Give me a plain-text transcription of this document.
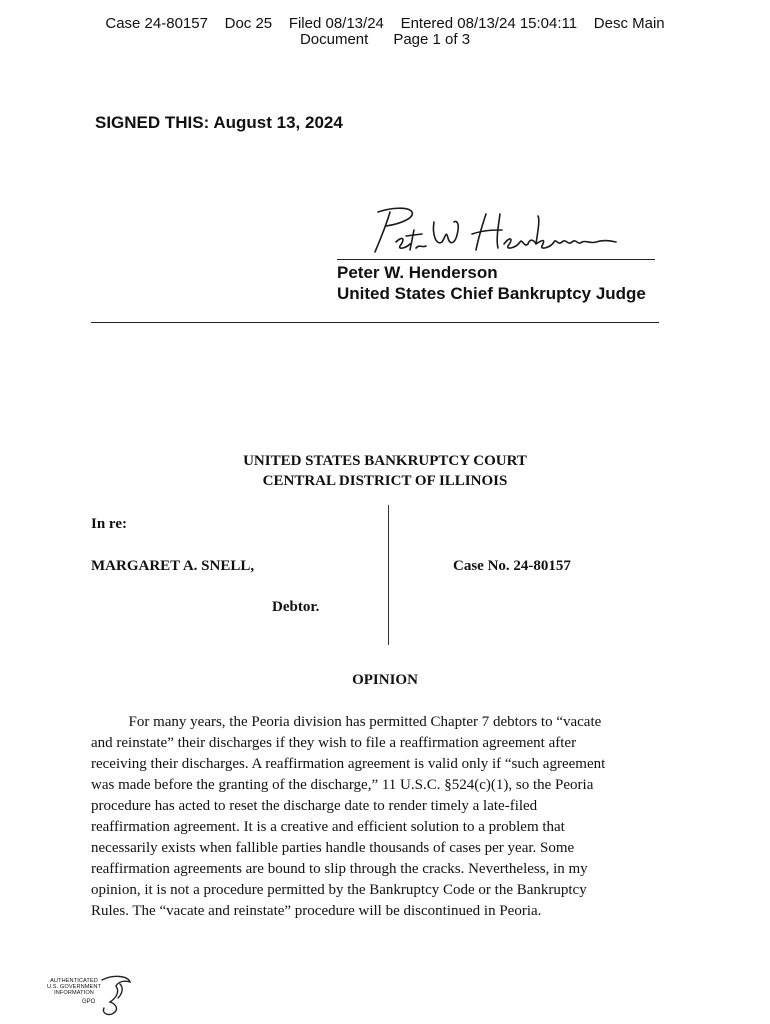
Case 24-80157 Doc 25 Filed 08/13/24 Entered 08/13/24 15:04:11 Desc Main
Document Page 1 of 3
SIGNED THIS: August 13, 2024
Peter W. Henderson
United States Chief Bankruptcy Judge
UNITED STATES BANKRUPTCY COURT
CENTRAL DISTRICT OF ILLINOIS
In re:
MARGARET A. SNELL,
Debtor.
Case No. 24-80157
OPINION
For many years, the Peoria division has permitted Chapter 7 debtors to “vacate
and reinstate” their discharges if they wish to file a reaffirmation agreement after
receiving their discharges. A reaffirmation agreement is valid only if “such agreement
was made before the granting of the discharge,” 11 U.S.C. §524(c)(1), so the Peoria
procedure has acted to reset the discharge date to render timely a late-filed
reaffirmation agreement. It is a creative and efficient solution to a problem that
necessarily exists when fallible parties handle thousands of cases per year. Some
reaffirmation agreements are bound to slip through the cracks. Nevertheless, in my
opinion, it is not a procedure permitted by the Bankruptcy Code or the Bankruptcy
Rules. The “vacate and reinstate” procedure will be discontinued in Peoria.
AUTHENTICATED
U.S. GOVERNMENT
INFORMATION
GPO
